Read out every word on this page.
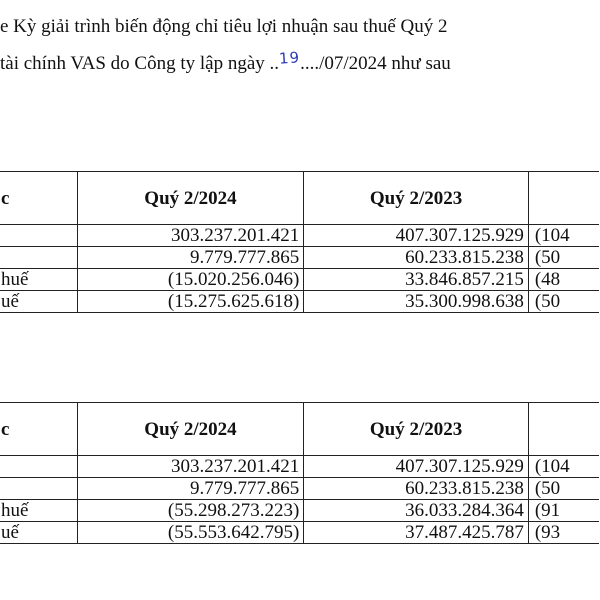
e Kỳ giải trình biến động chỉ tiêu lợi nhuận sau thuế Quý 2
tài chính VAS do Công ty lập ngày ..19..../07/2024 như sau
c	Quý 2/2024	Quý 2/2023	
	303.237.201.421	407.307.125.929	(104
	9.779.777.865	60.233.815.238	(50
huế	(15.020.256.046)	33.846.857.215	(48
uế	(15.275.625.618)	35.300.998.638	(50
c	Quý 2/2024	Quý 2/2023	
	303.237.201.421	407.307.125.929	(104
	9.779.777.865	60.233.815.238	(50
huế	(55.298.273.223)	36.033.284.364	(91
uế	(55.553.642.795)	37.487.425.787	(93
